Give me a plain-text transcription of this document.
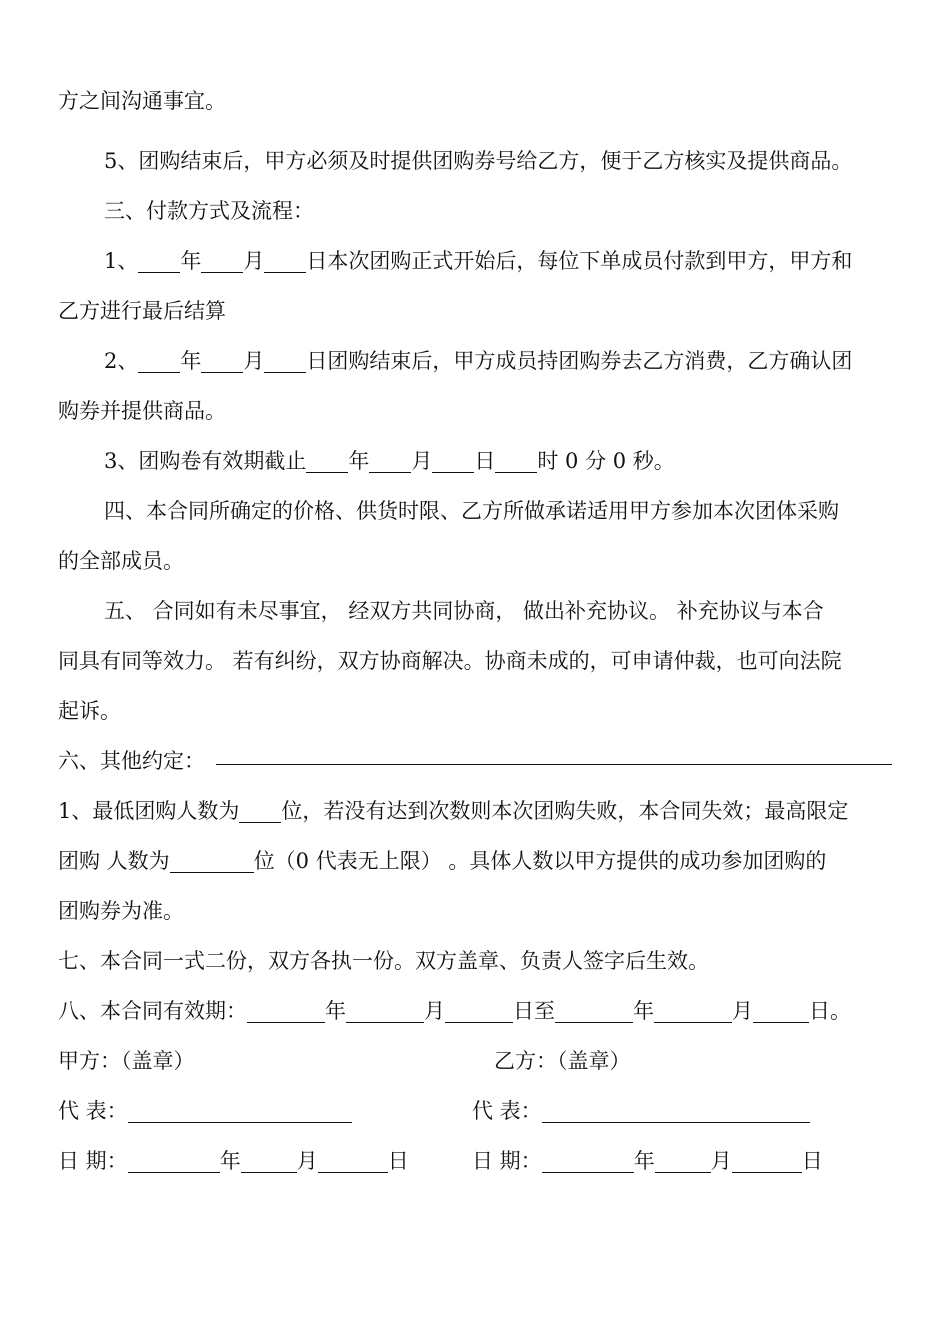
方之间沟通事宜。
5、团购结束后，甲方必须及时提供团购券号给乙方，便于乙方核实及提供商品。
三、付款方式及流程：
1、 年 月 日本次团购正式开始后，每位下单成员付款到甲方，甲方和
乙方进行最后结算
2、 年 月 日团购结束后，甲方成员持团购券去乙方消费，乙方确认团
购券并提供商品。
3、团购卷有效期截止 年 月 日 时 0 分 0 秒。
四、本合同所确定的价格、供货时限、乙方所做承诺适用甲方参加本次团体采购
的全部成员。
五、 合同如有未尽事宜， 经双方共同协商， 做出补充协议。 补充协议与本合
同具有同等效力。 若有纠纷，双方协商解决。协商未成的，可申请仲裁，也可向法院
起诉。
六、其他约定：
1、最低团购人数为 位，若没有达到次数则本次团购失败，本合同失效；最高限定
团购 人数为	位（0 代表无上限） 。具体人数以甲方提供的成功参加团购的
团购券为准。
七、本合同一式二份，双方各执一份。双方盖章、负责人签字后生效。
八、本合同有效期：	年	月	日至	年	月	日。
甲方：（盖章）	乙方：（盖章）
代 表：	代 表：
日 期：	年	月	日	日 期：	年	月	日
